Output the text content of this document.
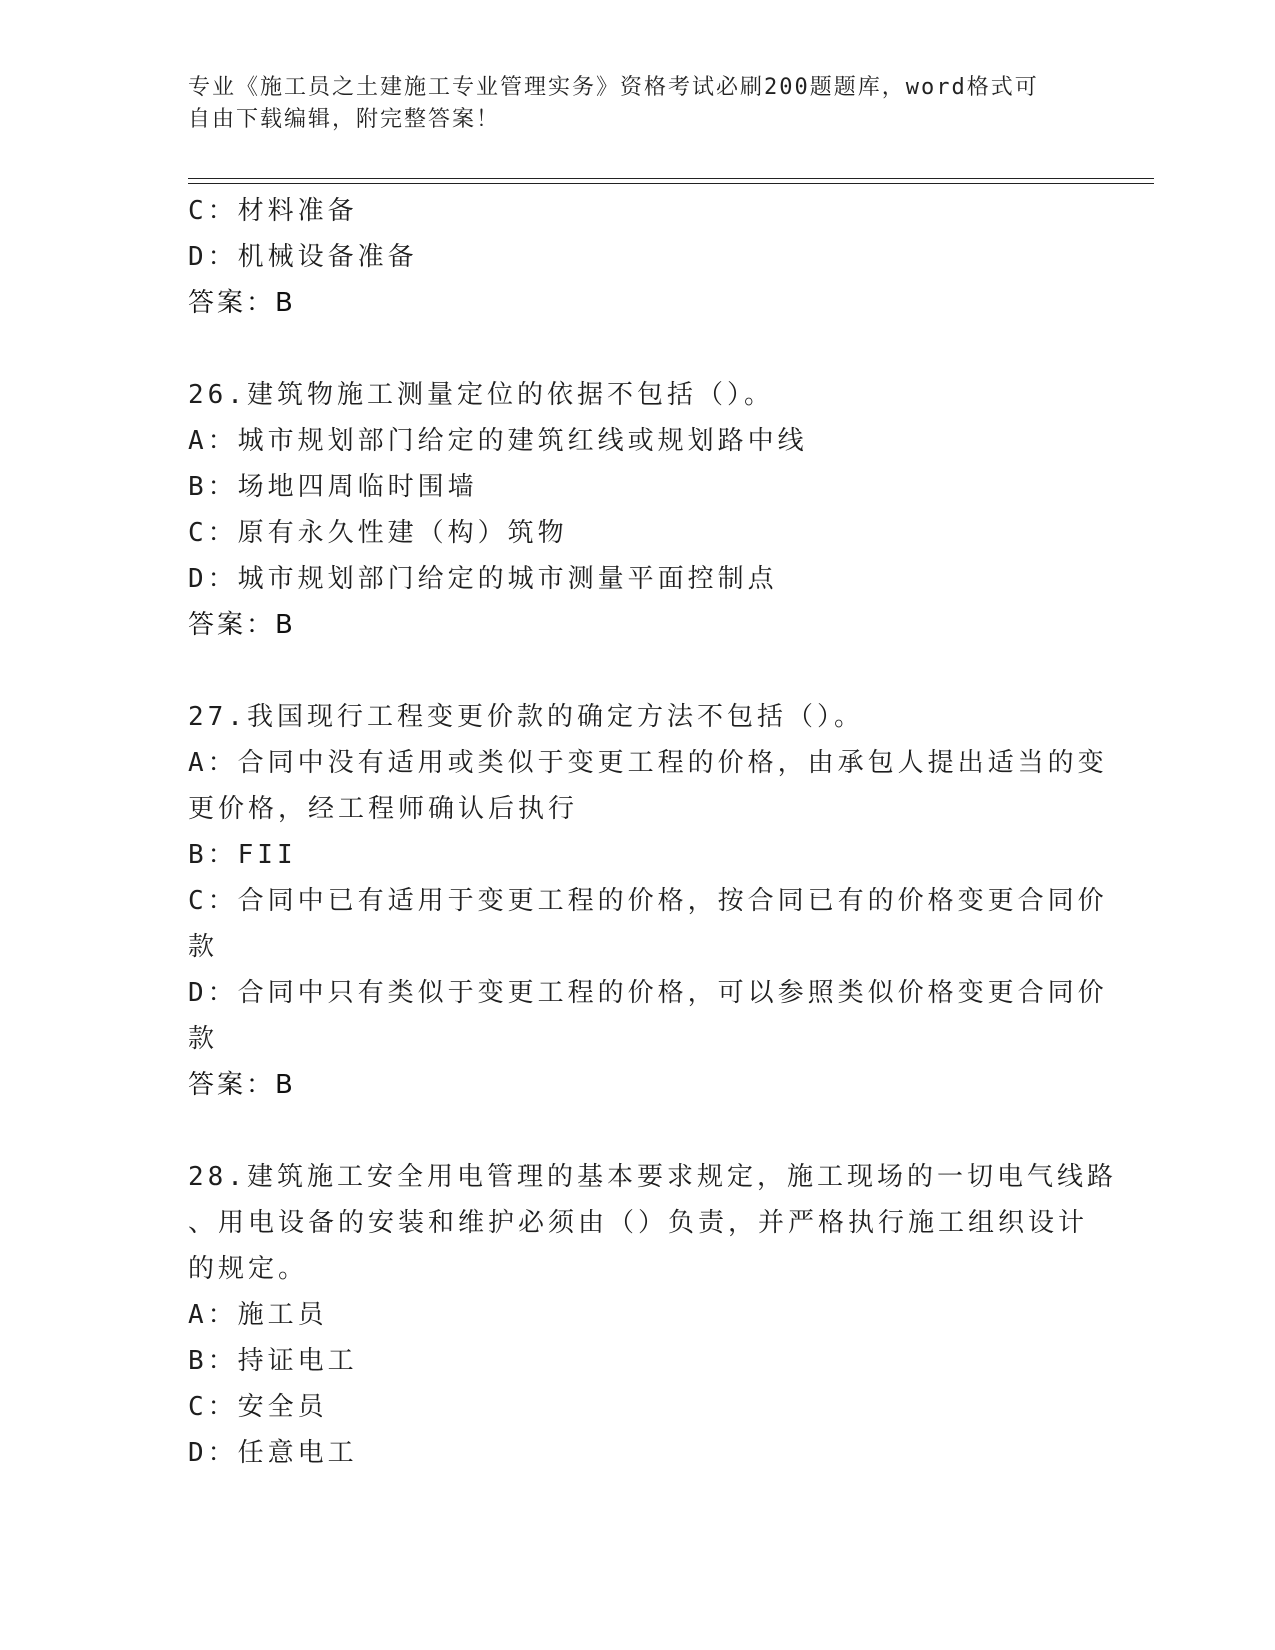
专业《施工员之土建施工专业管理实务》资格考试必刷200题题库，word格式可
自由下载编辑，附完整答案！
C：材料准备
D：机械设备准备
答案：B
26.建筑物施工测量定位的依据不包括（）。
A：城市规划部门给定的建筑红线或规划路中线
B：场地四周临时围墙
C：原有永久性建（构）筑物
D：城市规划部门给定的城市测量平面控制点
答案：B
27.我国现行工程变更价款的确定方法不包括（）。
A：合同中没有适用或类似于变更工程的价格，由承包人提出适当的变
更价格，经工程师确认后执行
B：FII
C：合同中已有适用于变更工程的价格，按合同已有的价格变更合同价
款
D：合同中只有类似于变更工程的价格，可以参照类似价格变更合同价
款
答案：B
28.建筑施工安全用电管理的基本要求规定，施工现场的一切电气线路
、用电设备的安装和维护必须由（）负责，并严格执行施工组织设计
的规定。
A：施工员
B：持证电工
C：安全员
D：任意电工
